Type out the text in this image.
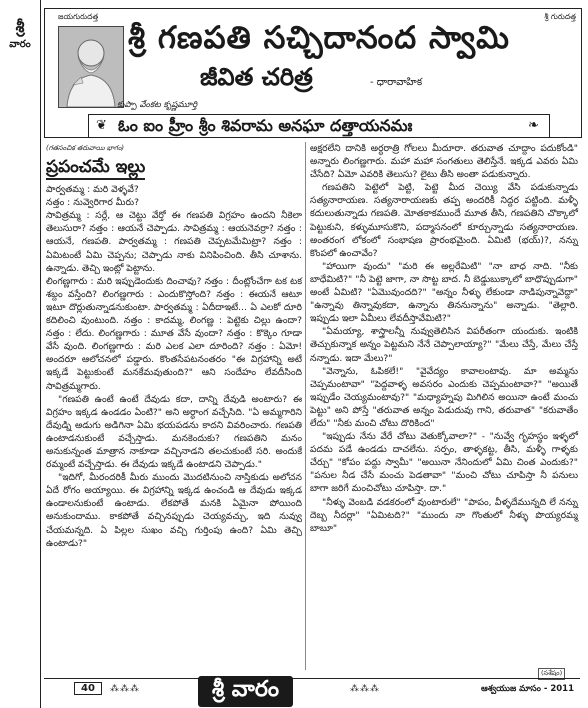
శ్రీ
వారం
జయగురుదత్త	శ్రీ గురుదత్త
శ్రీ గణపతి సచ్చిదానంద స్వామి
జీవిత చరిత్ర	- ధారావాహిక
కుప్పా వేంకట కృష్ణమూర్తి
❦ ఓం ఐం హ్రీం శ్రీం శివరామ అనఘా దత్తాయనమః	❧
(గతసంచిక తరువాయి భాగం)
ప్రపంచమే ఇల్లు

పార్వతమ్మ : మరి వెళ్ళవే?

నత్తం : నువ్వెరిగార మీరు?

సావిత్రమ్మ : సర్లే, ఆ చెట్టు వేర్తో ఈ గణపతి విగ్రహం ఉందని నీకెలా తెలుసురా? నత్తం : ఆయనే చెప్పాడు. సావిత్రమ్మ : ఆయనెవర్రా? నత్తం : ఆయనే, గణపతి. పార్వతమ్మ : గణపతి చెప్పటమేమిట్రా? నత్తం : ఏమిటంటే ఏమి చెప్పను; చెప్పాడు నాకు వినిపించింది. తీసి చూశాను. ఉన్నాడు. తెచ్చి ఇంట్లో పెట్టాను.

లింగణ్ణగారు : మరి ఇప్పుడెందుకు దించావు? నత్తం : దీంట్లోంచేగా టక టక శబ్దం వస్తేంది? లింగణ్ణగారు : ఎందుకొస్తోంది? నత్తం : ఈయనే ఆటూ ఇటూ దొర్లుతున్నాడనుకుంటా. పార్వతమ్మ : ఏదీదాఇటే... ఏ ఎలకో దూరి కదిలించి వుంటుంది. నత్తం : కాదమ్మ, లింగణ్ణ : పెట్టెకు చిల్లు ఉందా? నత్తం : లేదు. లింగణ్ణగారు : మూత వేసే వుందా? నత్తం : కొక్కెం గూడా వేసే వుంది. లింగణ్ణగారు : మరి ఎలక ఎలా దూరింది? నత్తం : ఏమో! అందరూ ఆలోచనలో పడ్డారు. కొంతసేపటనంతరం "ఈ విగ్రహాన్ని అటే ఇక్కడే పెట్టుకుంటే మనకేమవుతుంది?" ఆని సందేహం లేవదీసింది సావిత్రమ్మగారు.

"గణపతి ఉంటే ఉంటే దేవుడు కదా, దాన్ని దేవుడి అంటారు? ఈ విగ్రహం ఇక్కడ ఉండడం ఏంటి?" అని అర్ధాంగ వచ్చేసిది. "ఏ అమ్మగారిని దేవుడ్ని అడుగు అడిగినా ఏమి భయపడను కాదని వివరించారు. గణపతి ఉంటాడనుకుంటే వచ్చేస్తాడు. మనకెందుకు? గణపతిని మనం అనుకున్నంత మాత్రాన నాకూడా వచ్చినాడని తలచుకుంటే సరి. అందుకే రమ్మంటే వచ్చేస్తాడు. ఈ దేవుడు ఇక్కడే ఉంటాడని చెప్పాడు."

"ఇదిగో, మీరందరికీ మీరు ముందు మొదటినుంచి నాస్తికుడు అలోచన ఏదే రోగం అయ్యాయి. ఈ విగ్రహాన్ని ఇక్కడ ఉంచండి ఆ దేవుడు ఇక్కడ ఉండాలనుకుంటే ఉంటాడు. లేకపోతే మనకి ఏమైనా పోయింది అనుకుందాము. కాకపోతే వచ్చినప్పుడు చెయ్యవచ్చు, ఇది నువ్వు చేయమన్నది. ఏ పిల్లల సుఖం వచ్చి గుర్తింపు ఉంది? ఏమి తెచ్చి ఉంటాడు?"

అక్షరలేని దానికి అర్ధరాత్రి గోలలు మీదూరా. తరువాత చూద్దాం పదుకోండి" అన్నారు లింగణ్ణగారు. మహా మహా సంగతులు తెలిస్తేనే. ఇక్కడ ఎవరు ఏమి చేసేది? ఏమో ఎవరికి తెలుసు? లైటు తీసి అంతా పడుకున్నారు.

గణపతిని పెట్టెలో పెట్టి, పెట్టె మీద చెయ్యి వేసి పడుకున్నాడు సత్యనారాయణ. సత్యనారాయణకు తప్ప అందరికీ నిద్దర పట్టింది. మళ్ళీ కదులుతున్నాడు గణపతి. మోతకాకముందే మూత తీసి, గణపతిని చొక్కాలో పెట్టుకుని, కళ్ళుమూసుకొని, పద్మాసనంలో కూర్చున్నాడు సత్యనారాయణ. అంతరంగ లోకంలో సంభాషణ ప్రారంభమైంది. ఏమిటి (భయ్)?, నన్ను కొంపలో ఉంచావేం?

"హాయిగా వుందు" "మరి ఈ అల్లరేమిటి" "నా బాధ నాది. "నీకు బాధేమిటి?" "నీ పెట్టె జాగా, నా సొట్ట బాద. నీ బెడ్డుబుక్కాలో బాధొప్పుడుగా" అంటే ఏమిటి? "ఏమొవుందది?" "అన్నం నీళ్ళు లేకుండా నాడిపున్నావెద్దా" "ఉన్నావు తిన్నావుకదా, ఉన్నాను తిననున్నాను" అన్నాడు. "తెల్లారి. ఇప్పుడు ఇలా ఏమీలు లేవదీస్తావేమిటి?"

"ఏమయ్యా, శాస్త్రాలన్నీ నువ్వుతెలిసిన విపరీతంగా యందుకు. ఇంటికి తెచ్చుకున్నాక అన్నం పెట్టమని నేనే చెప్పాలాయ్యా?" "మేలు చేస్తే, మేలు చేస్తే నన్నాడు. ఇదా మేలు?"

"వెన్నాను, ఓపికలే!" "వైవేద్యం కావాలంటావు. మా అమ్మను చెప్పమంటావా" "పెద్దవాళ్ళ అవసరం ఎందుకు చెప్పమంటావా?" "అయితే ఇప్పుడేం చెయ్యమంటావు?" "మధ్యాహ్నపు మిగిలిన అయినా ఉంటే మంచు పెట్టు" అని పోస్తే "తరువాత అన్నం పెడుదువు గాని, తరువాత" "కరువాతేం లేదు" "నీకు మంచి చోటు దొరికింద"

"ఇప్పుడు నేను వేరే చోటు వెతుక్కోవాలా?" - "నువ్వే గృహస్థం ఇళ్ళలో పదమ పడే ఉండడు దాచలేను. సర్పం, తాళ్ళకట్ట, తీసి, మళ్ళీ గాళ్ళకు చేర్చు" "కోపం పద్దు స్వామీ" "అయినా నేనిందులో ఏమి చింత ఎందుకు?" "పనుల నీడ చేసే మంచు పెడతావా" "మంచి చోటు చూపిస్తా నీ పనులు బాగా జరిగే మంచిచోటు చూపిస్తా. దా."

"నీళ్ళు వెంబడి వడకరంలో వుంటారులే" "పాపం, వీళ్ళదేమున్నది లే నన్ను దెబ్బ నీదర్లా" "ఏమిటది?" "ముందు నా గొంతులో నీళ్ళు పొయ్యరమ్మ బాబూ"

(సశేషం)
⁂⁂⁂
40	శ్రీ వారం	⁂⁂⁂	ఆశ్వయుజ మాసం - 2011
